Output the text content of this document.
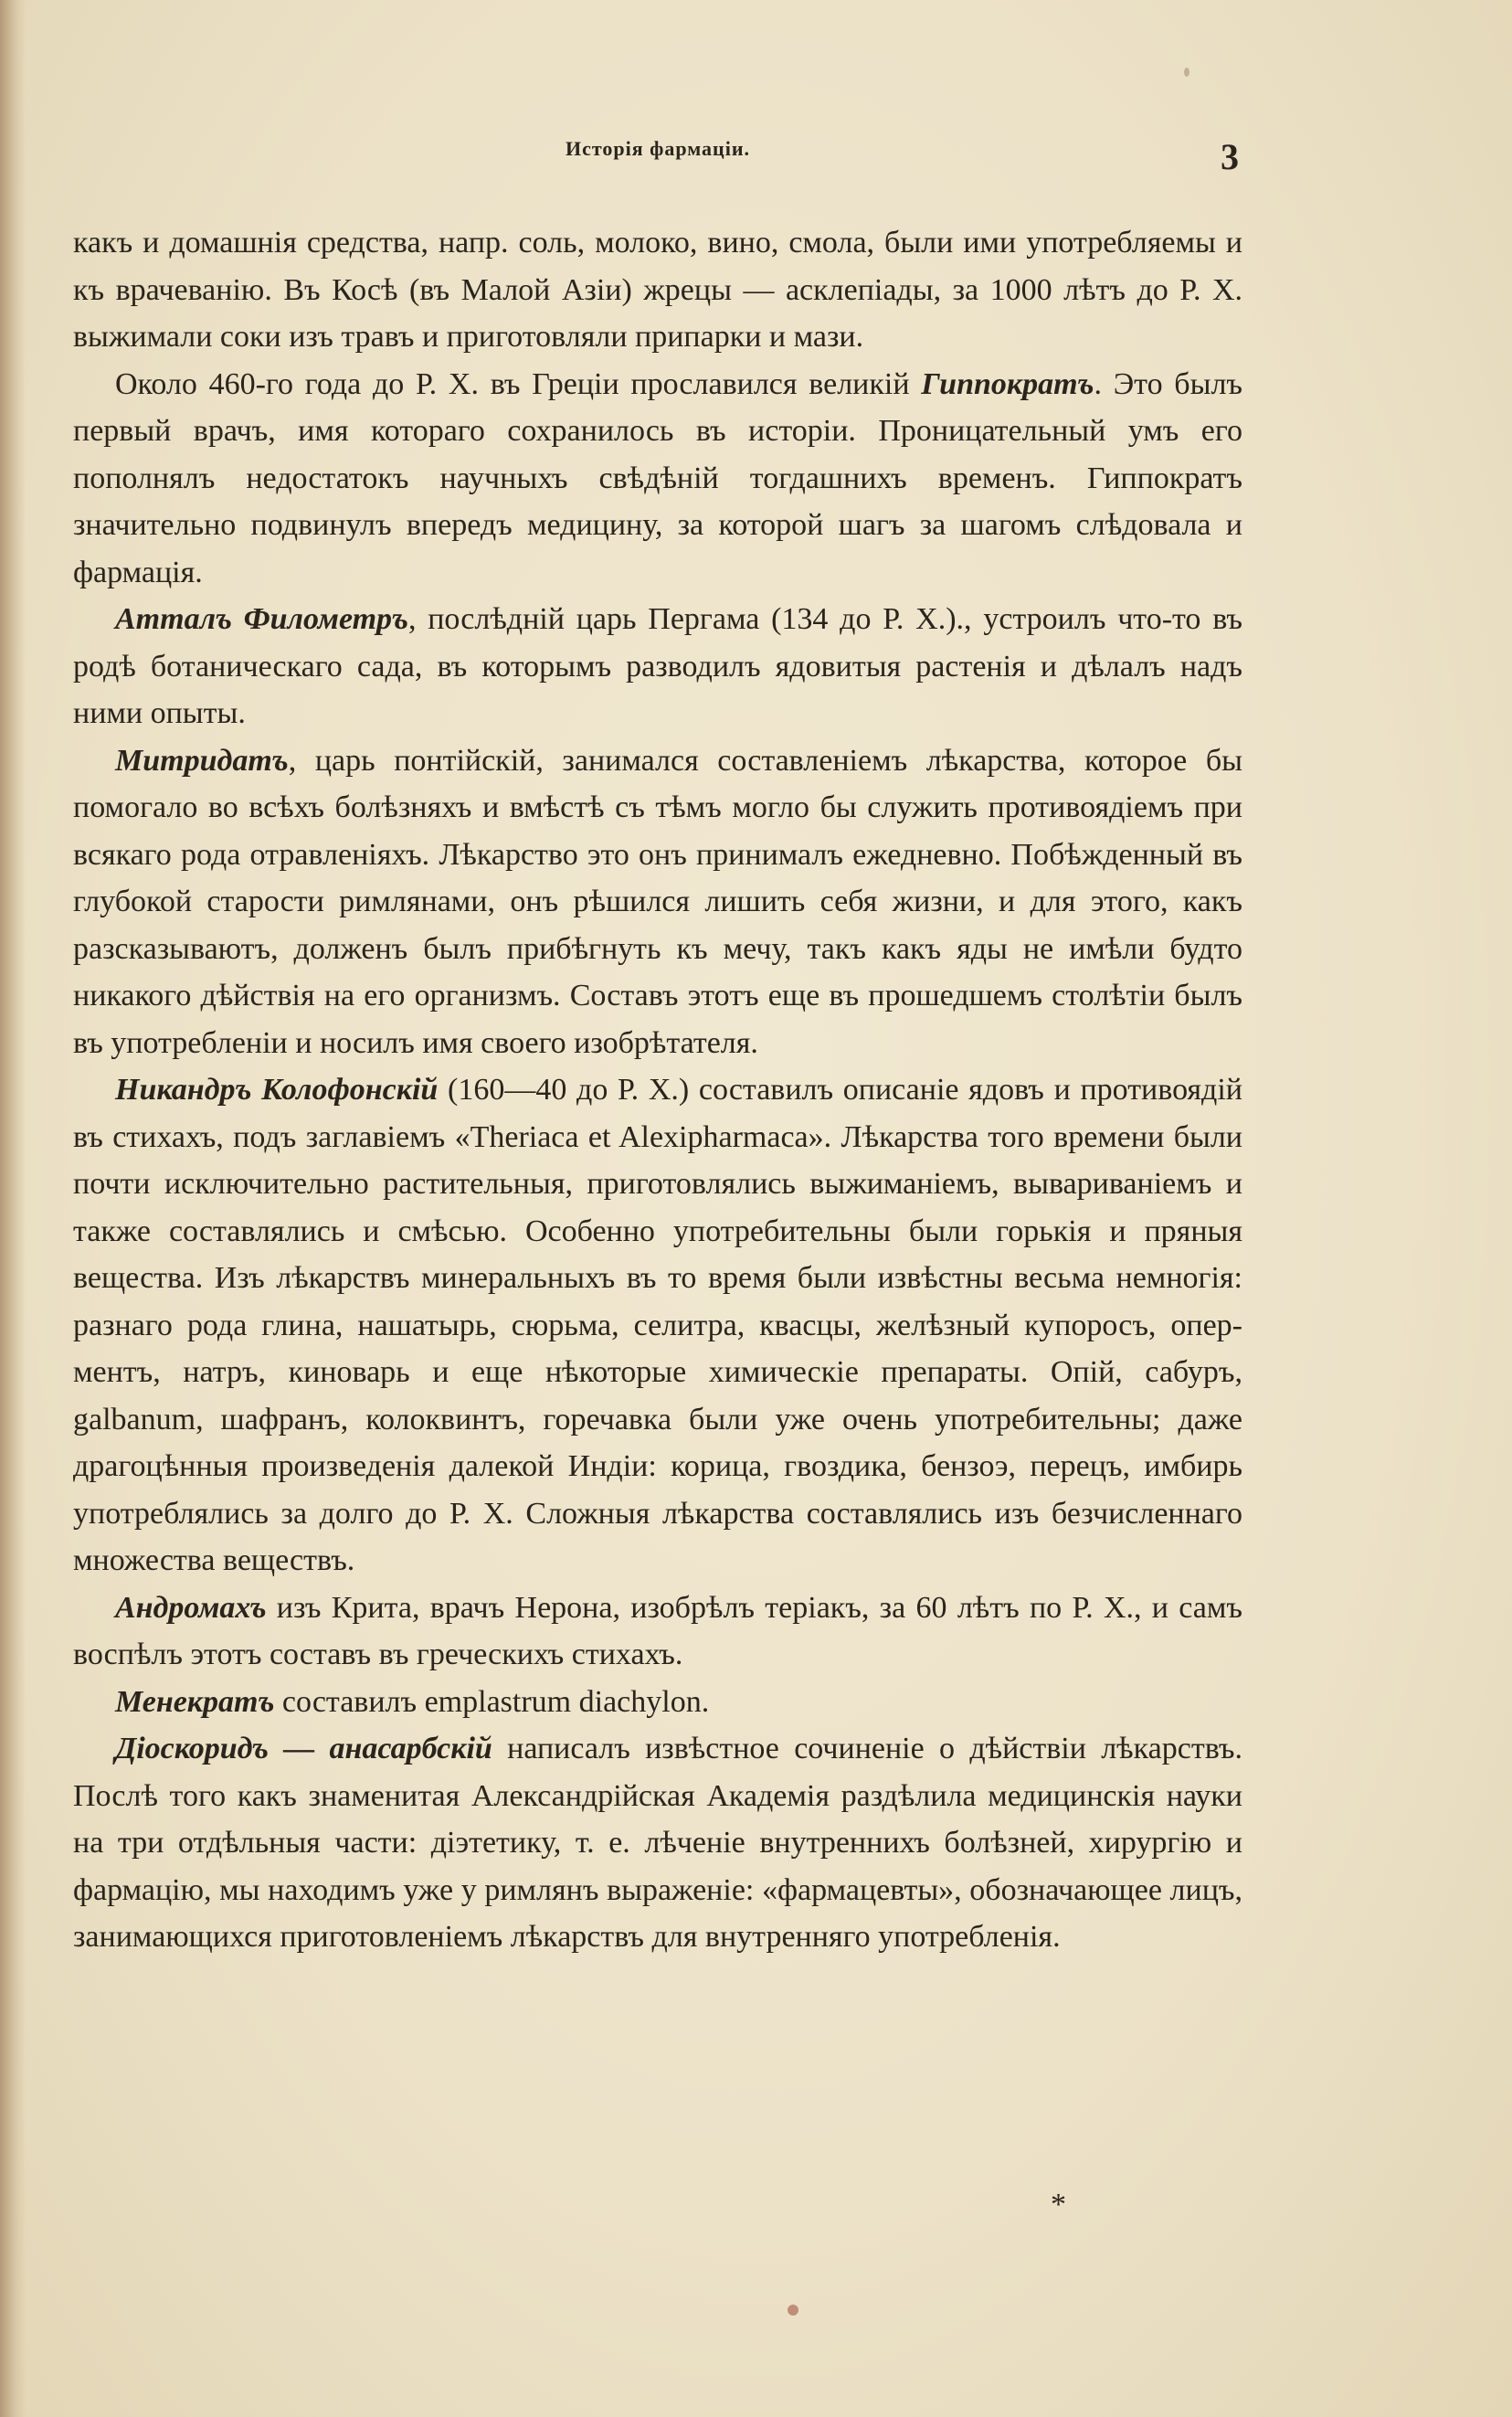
Исторія фармаціи.	3

какъ и домашнія средства, напр. соль, молоко, вино, смола, были ими употребляемы и къ врачеванію. Въ Косѣ (въ Малой Азіи) жрецы — асклепіады, за 1000 лѣтъ до Р. Х. выжимали соки изъ травъ и приготовляли припарки и мази.

Около 460-го года до Р. Х. въ Греціи прославился великій Гиппократъ. Это былъ первый врачъ, имя котораго сохранилось въ исторіи. Проницательный умъ его пополнялъ недостатокъ научныхъ свѣдѣній тогдашнихъ временъ. Гиппократъ значительно подвинулъ впередъ медицину, за которой шагъ за шагомъ слѣдовала и фармація.

Атталъ Филометръ, послѣдній царь Пергама (134 до Р. Х.)., устроилъ что-то въ родѣ ботаническаго сада, въ которымъ разводилъ ядовитыя растенія и дѣлалъ надъ ними опыты.

Митридатъ, царь понтійскій, занимался составленіемъ лѣкарства, которое бы помогало во всѣхъ болѣзняхъ и вмѣстѣ съ тѣмъ могло бы служить противоядіемъ при всякаго рода отравленіяхъ. Лѣкарство это онъ принималъ ежедневно. Побѣжденный въ глубокой старости римлянами, онъ рѣшился лишить себя жизни, и для этого, какъ разсказываютъ, долженъ былъ прибѣгнуть къ мечу, такъ какъ яды не имѣли будто никакого дѣйствія на его организмъ. Составъ этотъ еще въ прошедшемъ столѣтіи былъ въ употребленіи и носилъ имя своего изобрѣтателя.

Никандръ Колофонскій (160—40 до Р. Х.) составилъ описаніе ядовъ и противоядій въ стихахъ, подъ заглавіемъ «Theriaca et Alexipharmaca». Лѣкарства того времени были почти исключительно растительныя, приготовлялись выжиманіемъ, вывариваніемъ и также составлялись и смѣсью. Особенно употребительны были горькія и пряныя вещества. Изъ лѣкарствъ минеральныхъ въ то время были извѣстны весьма немногія: разнаго рода глина, нашатырь, сюрьма, селитра, квасцы, желѣзный купоросъ, оперментъ, натръ, киноварь и еще нѣкоторые химическіе препараты. Опій, сабуръ, galbanum, шафранъ, колоквинтъ, горечавка были уже очень употребительны; даже драгоцѣнныя произведенія далекой Индіи: корица, гвоздика, бензоэ, перецъ, имбирь употреблялись за долго до Р. Х. Сложныя лѣкарства составлялись изъ безчисленнаго множества веществъ.

Андромахъ изъ Крита, врачъ Нерона, изобрѣлъ теріакъ, за 60 лѣтъ по Р. Х., и самъ воспѣлъ этотъ составъ въ греческихъ стихахъ.

Менекратъ составилъ emplastrum diachylon.

Діоскоридъ — анасарбскій написалъ извѣстное сочиненіе о дѣйствіи лѣкарствъ. Послѣ того какъ знаменитая Александрійская Академія раздѣлила медицинскія науки на три отдѣльныя части: діэтетику, т. е. лѣченіе внутреннихъ болѣзней, хирургію и фармацію, мы находимъ уже у римлянъ выраженіе: «фармацевты», обозначающее лицъ, занимающихся приготовленіемъ лѣкарствъ для внутренняго употребленія.

*
